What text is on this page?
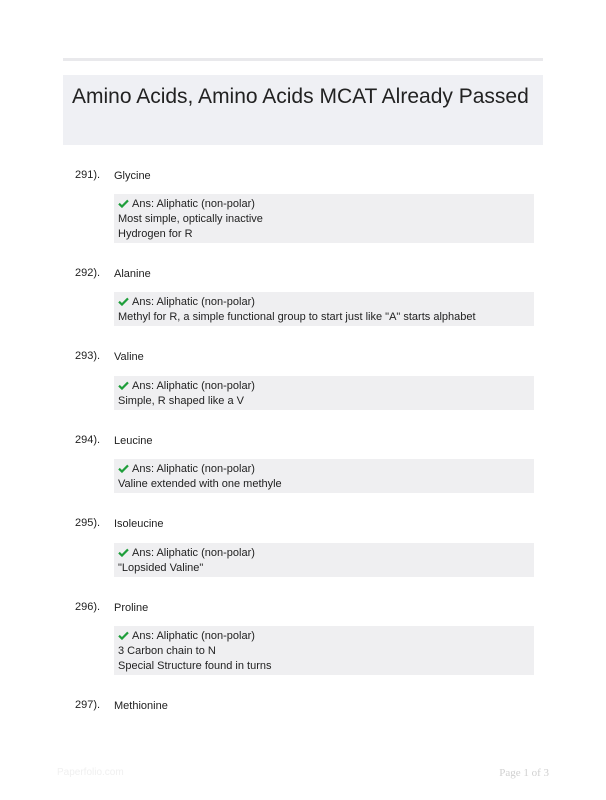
Amino Acids, Amino Acids MCAT Already Passed
291).	Glycine
Ans: Aliphatic (non-polar)
Most simple, optically inactive
Hydrogen for R
292).	Alanine
Ans: Aliphatic (non-polar)
Methyl for R, a simple functional group to start just like "A" starts alphabet
293).	Valine
Ans: Aliphatic (non-polar)
Simple, R shaped like a V
294).	Leucine
Ans: Aliphatic (non-polar)
Valine extended with one methyle
295).	Isoleucine
Ans: Aliphatic (non-polar)
"Lopsided Valine"
296).	Proline
Ans: Aliphatic (non-polar)
3 Carbon chain to N
Special Structure found in turns
297).	Methionine
Paperfolio.com	Page 1 of 3
